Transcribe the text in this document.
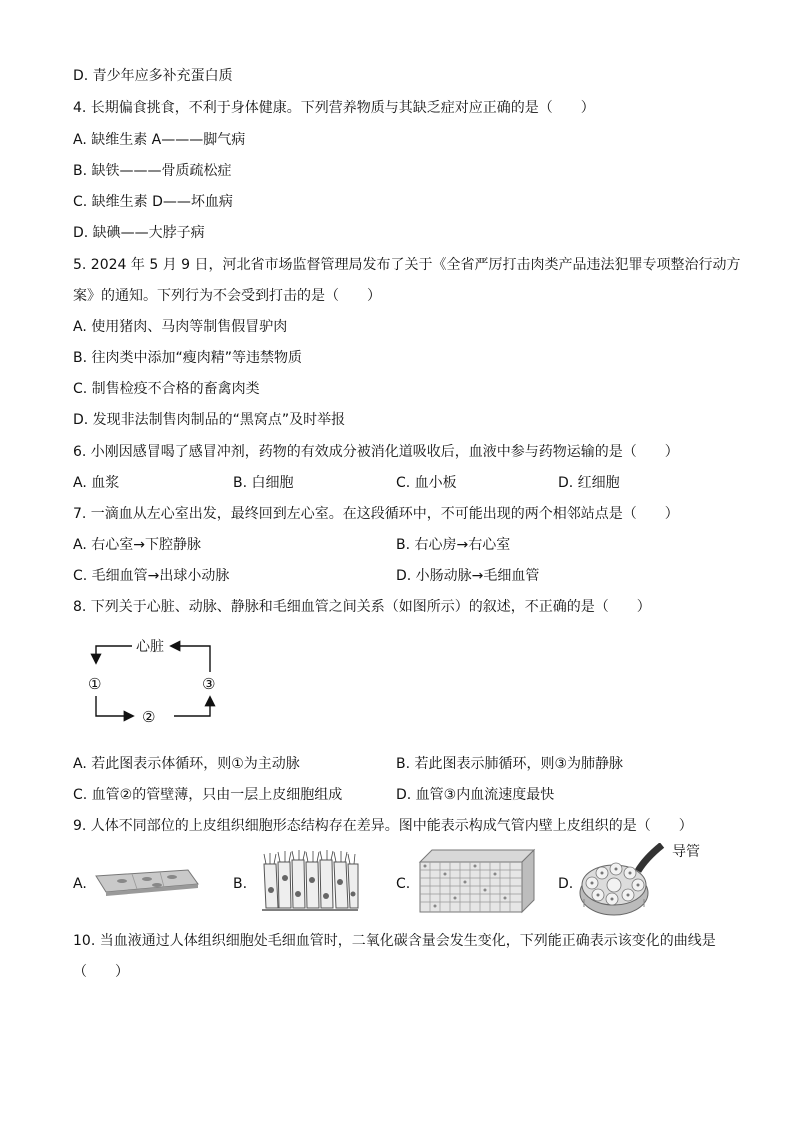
D. 青少年应多补充蛋白质
4. 长期偏食挑食，不利于身体健康。下列营养物质与其缺乏症对应正确的是（　　）
A. 缺维生素 A———脚气病
B. 缺铁———骨质疏松症
C. 缺维生素 D——坏血病
D. 缺碘——大脖子病
5. 2024 年 5 月 9 日，河北省市场监督管理局发布了关于《全省严厉打击肉类产品违法犯罪专项整治行动方
案》的通知。下列行为不会受到打击的是（　　）
A. 使用猪肉、马肉等制售假冒驴肉
B. 往肉类中添加“瘦肉精”等违禁物质
C. 制售检疫不合格的畜禽肉类
D. 发现非法制售肉制品的“黑窝点”及时举报
6. 小刚因感冒喝了感冒冲剂，药物的有效成分被消化道吸收后，血液中参与药物运输的是（　　）
A. 血浆	B. 白细胞	C. 血小板	D. 红细胞
7. 一滴血从左心室出发，最终回到左心室。在这段循环中，不可能出现的两个相邻站点是（　　）
A. 右心室→下腔静脉	B. 右心房→右心室
C. 毛细血管→出球小动脉	D. 小肠动脉→毛细血管
8. 下列关于心脏、动脉、静脉和毛细血管之间关系（如图所示）的叙述，不正确的是（　　）
心脏
①	③
②
A. 若此图表示体循环，则①为主动脉	B. 若此图表示肺循环，则③为肺静脉
C. 血管②的管壁薄，只由一层上皮细胞组成	D. 血管③内血流速度最快
9. 人体不同部位的上皮组织细胞形态结构存在差异。图中能表示构成气管内壁上皮组织的是（　　）
A.	B.	C.	D.
导管
10. 当血液通过人体组织细胞处毛细血管时，二氧化碳含量会发生变化，下列能正确表示该变化的曲线是
（　　）
